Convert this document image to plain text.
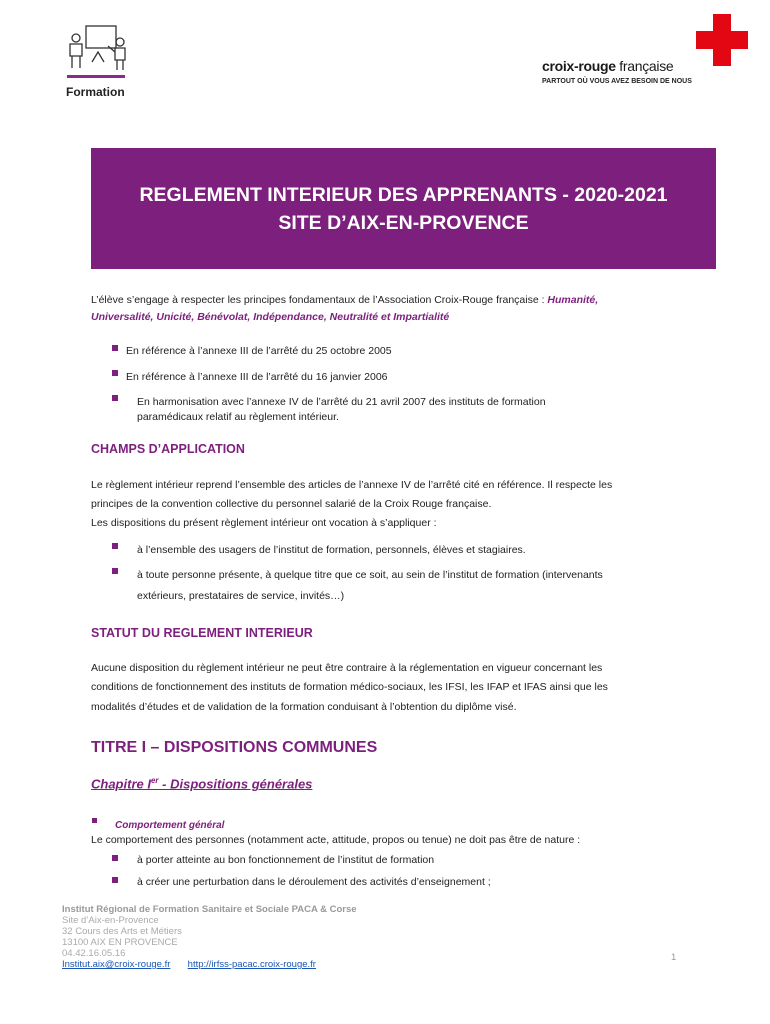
Formation
croix-rouge française
PARTOUT OÙ VOUS AVEZ BESOIN DE NOUS
REGLEMENT INTERIEUR DES APPRENANTS - 2020-2021
SITE D’AIX-EN-PROVENCE
L’élève s’engage à respecter les principes fondamentaux de l’Association Croix-Rouge française : Humanité,
Universalité, Unicité, Bénévolat, Indépendance, Neutralité et Impartialité
En référence à l’annexe III de l’arrêté du 25 octobre 2005
En référence à l’annexe III de l’arrêté du 16 janvier 2006
En harmonisation avec l’annexe IV de l’arrêté du 21 avril 2007 des instituts de formation
paramédicaux relatif au règlement intérieur.
CHAMPS D’APPLICATION
Le règlement intérieur reprend l’ensemble des articles de l’annexe IV de l’arrêté cité en référence. Il respecte les
principes de la convention collective du personnel salarié de la Croix Rouge française.
Les dispositions du présent règlement intérieur ont vocation à s’appliquer :
à l’ensemble des usagers de l’institut de formation, personnels, élèves et stagiaires.
à toute personne présente, à quelque titre que ce soit, au sein de l’institut de formation (intervenants
extérieurs, prestataires de service, invités…)
STATUT DU REGLEMENT INTERIEUR
Aucune disposition du règlement intérieur ne peut être contraire à la réglementation en vigueur concernant les
conditions de fonctionnement des instituts de formation médico-sociaux, les IFSI, les IFAP et IFAS ainsi que les
modalités d’études et de validation de la formation conduisant à l’obtention du diplôme visé.
TITRE I – DISPOSITIONS COMMUNES
Chapitre Ier - Dispositions générales
Comportement général
Le comportement des personnes (notamment acte, attitude, propos ou tenue) ne doit pas être de nature :
à porter atteinte au bon fonctionnement de l’institut de formation
à créer une perturbation dans le déroulement des activités d’enseignement ;
Institut Régional de Formation Sanitaire et Sociale PACA & Corse
Site d’Aix-en-Provence
32 Cours des Arts et Métiers
13100 AIX EN PROVENCE
04.42.16.05.16
Institut.aix@croix-rouge.fr http://irfss-pacac.croix-rouge.fr
1
